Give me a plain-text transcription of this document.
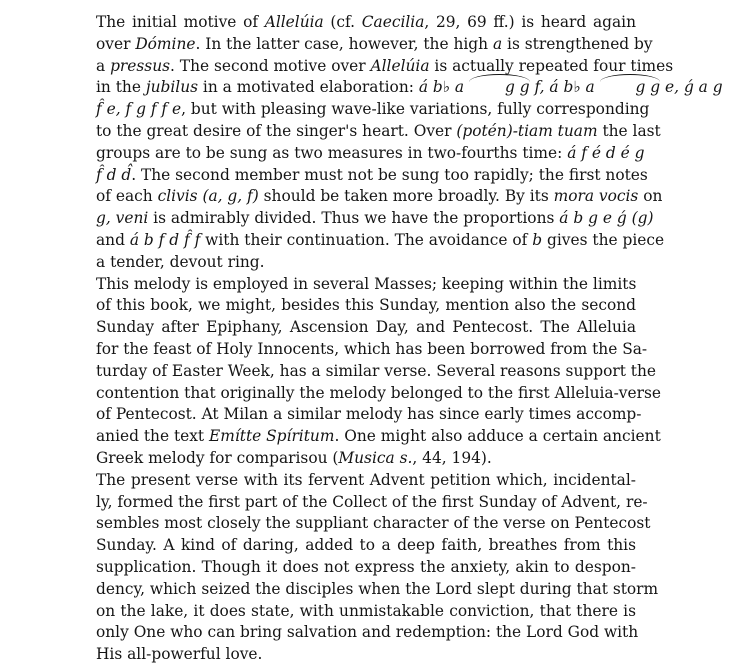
The initial motive of Allelúia (cf. Caecilia, 29, 69 ff.) is heard again
over Dómine. In the latter case, however, the high a is strengthened by
a pressus. The second motive over Allelúia is actually repeated four times
in the jubilus in a motivated elaboration: á b♭ a g g f, á b♭ a g g e, ǵ a g
f̂ e, f g f f e, but with pleasing wave-like variations, fully corresponding
to the great desire of the singer's heart. Over (potén)-tiam tuam the last
groups are to be sung as two measures in two-fourths time: á f é d é g
f̂ d d̂. The second member must not be sung too rapidly; the first notes
of each clivis (a, g, f) should be taken more broadly. By its mora vocis on
g, veni is admirably divided. Thus we have the proportions á b g e ǵ (g)
and á b f d f̂ f with their continuation. The avoidance of b gives the piece
a tender, devout ring.

This melody is employed in several Masses; keeping within the limits
of this book, we might, besides this Sunday, mention also the second
Sunday after Epiphany, Ascension Day, and Pentecost. The Alleluia
for the feast of Holy Innocents, which has been borrowed from the Sa-
turday of Easter Week, has a similar verse. Several reasons support the
contention that originally the melody belonged to the first Alleluia-verse
of Pentecost. At Milan a similar melody has since early times accomp-
anied the text Emítte Spíritum. One might also adduce a certain ancient
Greek melody for comparisou (Musica s., 44, 194).

The present verse with its fervent Advent petition which, incidental-
ly, formed the first part of the Collect of the first Sunday of Advent, re-
sembles most closely the suppliant character of the verse on Pentecost
Sunday. A kind of daring, added to a deep faith, breathes from this
supplication. Though it does not express the anxiety, akin to despon-
dency, which seized the disciples when the Lord slept during that storm
on the lake, it does state, with unmistakable conviction, that there is
only One who can bring salvation and redemption: the Lord God with
His all-powerful love.
